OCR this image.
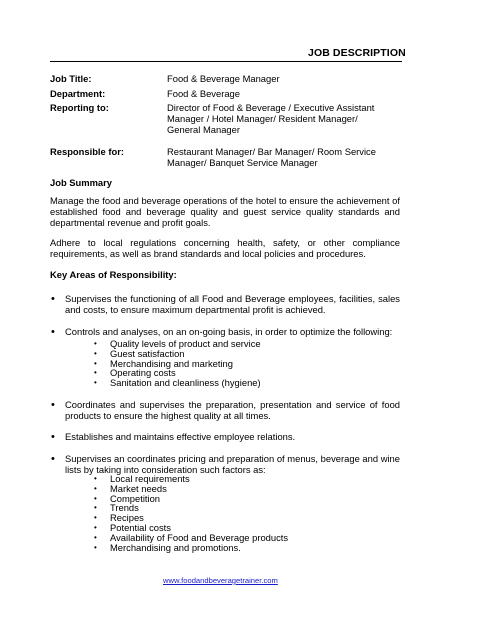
JOB DESCRIPTION
Job Title:	Food & Beverage Manager
Department:	Food & Beverage
Reporting to:	Director of Food & Beverage / Executive Assistant
Manager / Hotel Manager/ Resident Manager/
General Manager
Responsible for:	Restaurant Manager/ Bar Manager/ Room Service
Manager/ Banquet Service Manager
Job Summary
Manage the food and beverage operations of the hotel to ensure the achievement of established food and beverage quality and guest service quality standards and departmental revenue and profit goals.
Adhere to local regulations concerning health, safety, or other compliance requirements, as well as brand standards and local policies and procedures.
Key Areas of Responsibility:
• Supervises the functioning of all Food and Beverage employees, facilities, sales and costs, to ensure maximum departmental profit is achieved.
• Controls and analyses, on an on-going basis, in order to optimize the following:
• Quality levels of product and service
• Guest satisfaction
• Merchandising and marketing
• Operating costs
• Sanitation and cleanliness (hygiene)
• Coordinates and supervises the preparation, presentation and service of food products to ensure the highest quality at all times.
• Establishes and maintains effective employee relations.
• Supervises an coordinates pricing and preparation of menus, beverage and wine lists by taking into consideration such factors as:
• Local requirements
• Market needs
• Competition
• Trends
• Recipes
• Potential costs
• Availability of Food and Beverage products
• Merchandising and promotions.
www.foodandbeveragetrainer.com
